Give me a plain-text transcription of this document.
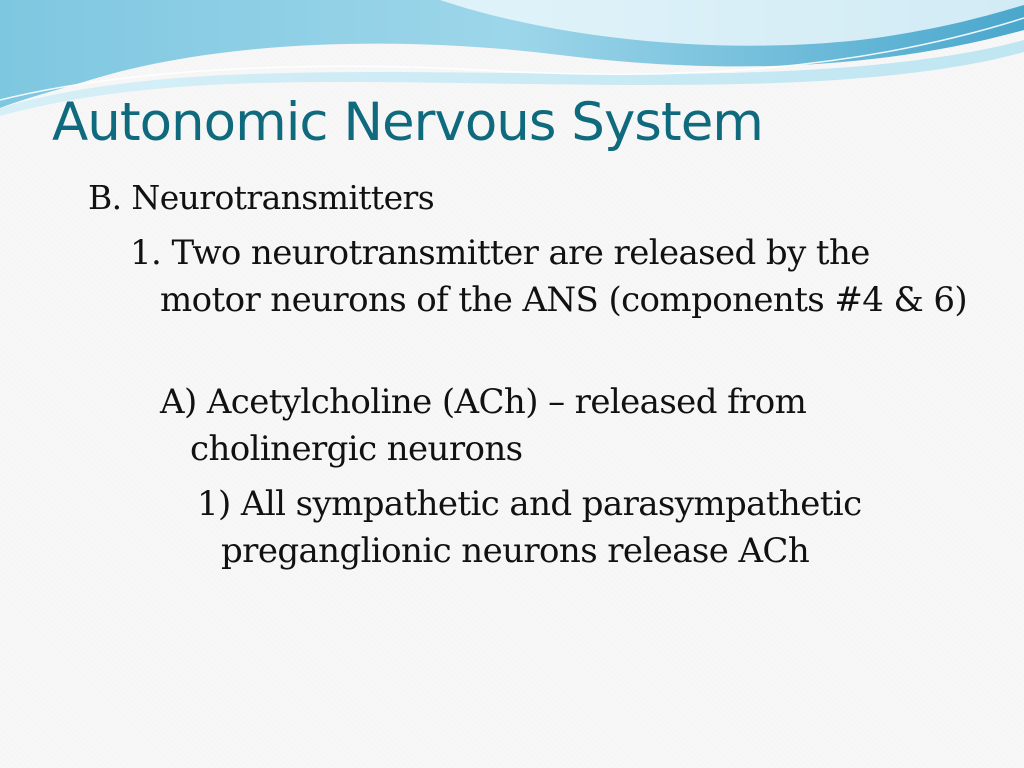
Autonomic Nervous System

B. Neurotransmitters

1. Two neurotransmitter are released by the motor neurons of the ANS (components #4 & 6)

A) Acetylcholine (ACh) – released from cholinergic neurons

1) All sympathetic and parasympathetic preganglionic neurons release ACh
